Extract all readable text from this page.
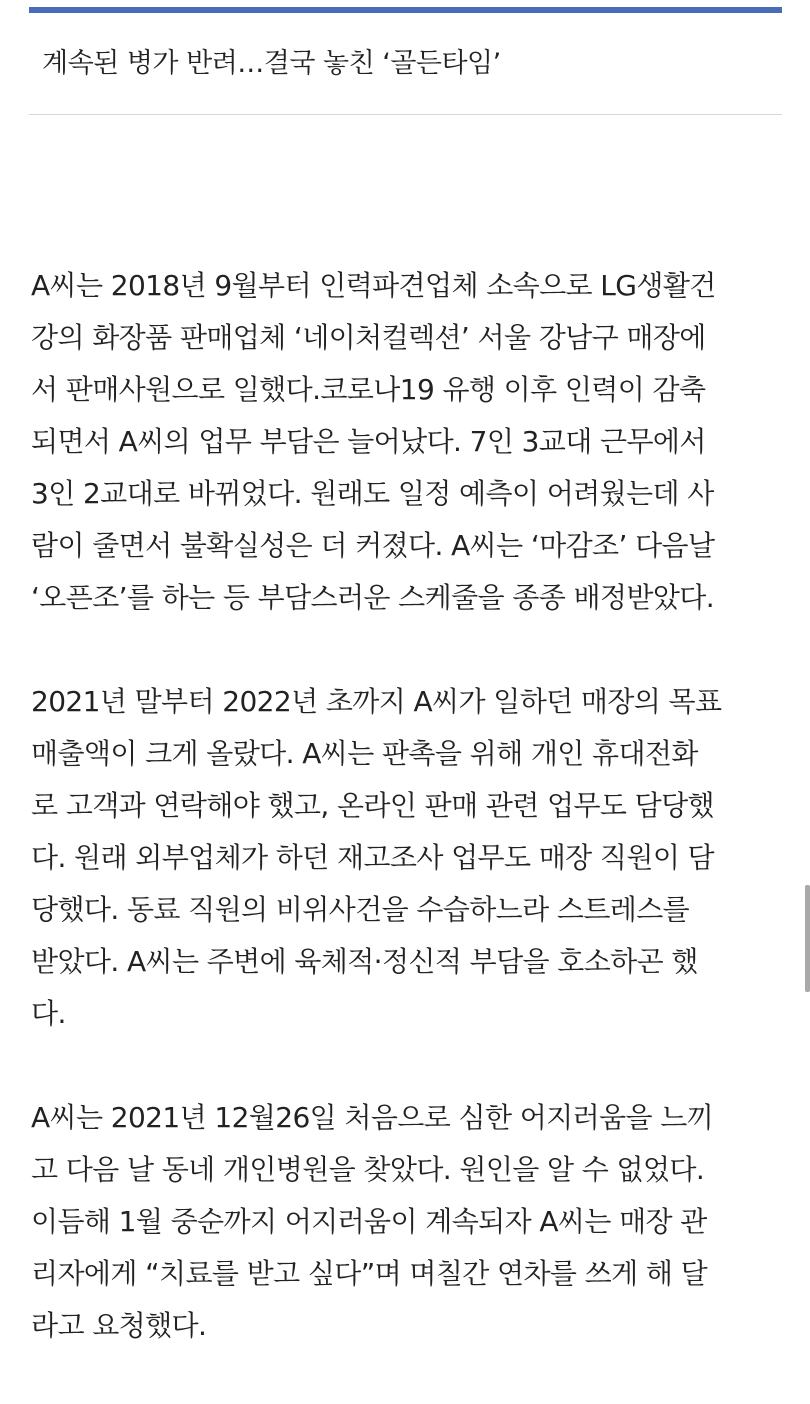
계속된 병가 반려…결국 놓친 ‘골든타임’

A씨는 2018년 9월부터 인력파견업체 소속으로 LG생활건
강의 화장품 판매업체 ‘네이처컬렉션’ 서울 강남구 매장에
서 판매사원으로 일했다.코로나19 유행 이후 인력이 감축
되면서 A씨의 업무 부담은 늘어났다. 7인 3교대 근무에서
3인 2교대로 바뀌었다. 원래도 일정 예측이 어려웠는데 사
람이 줄면서 불확실성은 더 커졌다. A씨는 ‘마감조’ 다음날
‘오픈조’를 하는 등 부담스러운 스케줄을 종종 배정받았다.

2021년 말부터 2022년 초까지 A씨가 일하던 매장의 목표
매출액이 크게 올랐다. A씨는 판촉을 위해 개인 휴대전화
로 고객과 연락해야 했고, 온라인 판매 관련 업무도 담당했
다. 원래 외부업체가 하던 재고조사 업무도 매장 직원이 담
당했다. 동료 직원의 비위사건을 수습하느라 스트레스를
받았다. A씨는 주변에 육체적·정신적 부담을 호소하곤 했
다.

A씨는 2021년 12월26일 처음으로 심한 어지러움을 느끼
고 다음 날 동네 개인병원을 찾았다. 원인을 알 수 없었다.
이듬해 1월 중순까지 어지러움이 계속되자 A씨는 매장 관
리자에게 “치료를 받고 싶다”며 며칠간 연차를 쓰게 해 달
라고 요청했다.
